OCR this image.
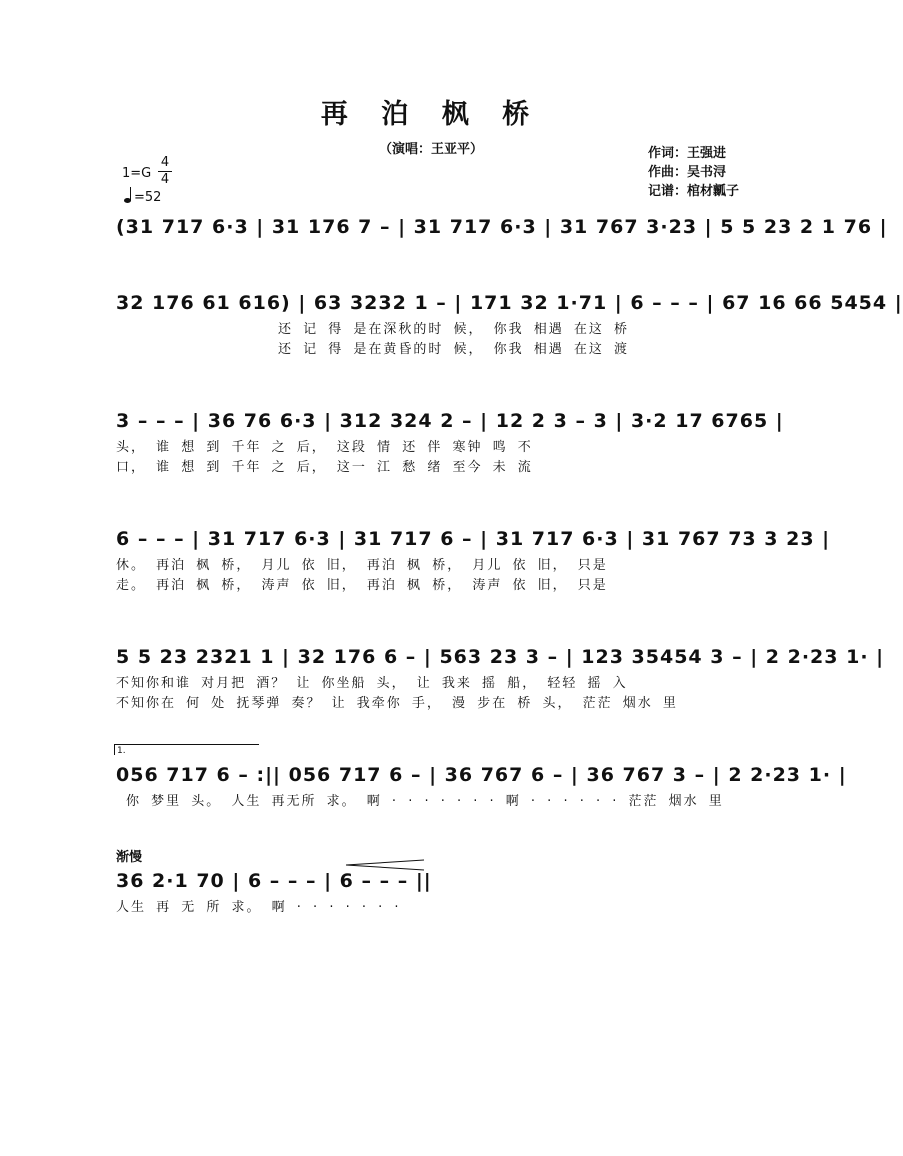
再 泊 枫 桥
（演唱：王亚平）	作词：王强进
作曲：吴书浔
记谱：棺材瓤子
1=G
4
4
=52
(31 717 6·3 | 31 176 7 – | 31 717 6·3 | 31 767 3·23 | 5 5 23 2 1 76 |
32 176 61 616) | 63 3232 1 – | 171 32 1·71 | 6 – – – | 67 16 66 5454 |
还 记 得 是在深秋的时 候， 你我 相遇 在这 桥
还 记 得 是在黄昏的时 候， 你我 相遇 在这 渡
3 – – – | 36 76 6·3 | 312 324 2 – | 12 2 3 – 3 | 3·2 17 6765 |
头， 谁 想 到 千年 之 后， 这段 情 还 伴 寒钟 鸣 不
口， 谁 想 到 千年 之 后， 这一 江 愁 绪 至今 未 流
6 – – – | 31 717 6·3 | 31 717 6 – | 31 717 6·3 | 31 767 73 3 23 |
休。 再泊 枫 桥， 月儿 依 旧， 再泊 枫 桥， 月儿 依 旧， 只是
走。 再泊 枫 桥， 涛声 依 旧， 再泊 枫 桥， 涛声 依 旧， 只是
5 5 23 2321 1 | 32 176 6 – | 563 23 3 – | 123 35454 3 – | 2 2·23 1· |
不知你和谁 对月把 酒？ 让 你坐船 头， 让 我来 摇 船， 轻轻 摇 入
不知你在 何 处 抚琴弹 奏？ 让 我牵你 手， 漫 步在 桥 头， 茫茫 烟水 里
1.
056 717 6 – :|| 056 717 6 – | 36 767 6 – | 36 767 3 – | 2 2·23 1· |
你 梦里 头。 人生 再无所 求。 啊 · · · · · · · 啊 · · · · · · 茫茫 烟水 里
渐慢
36 2·1 70 | 6 – – – | 6 – – – ||
人生 再 无 所 求。 啊 · · · · · · ·
